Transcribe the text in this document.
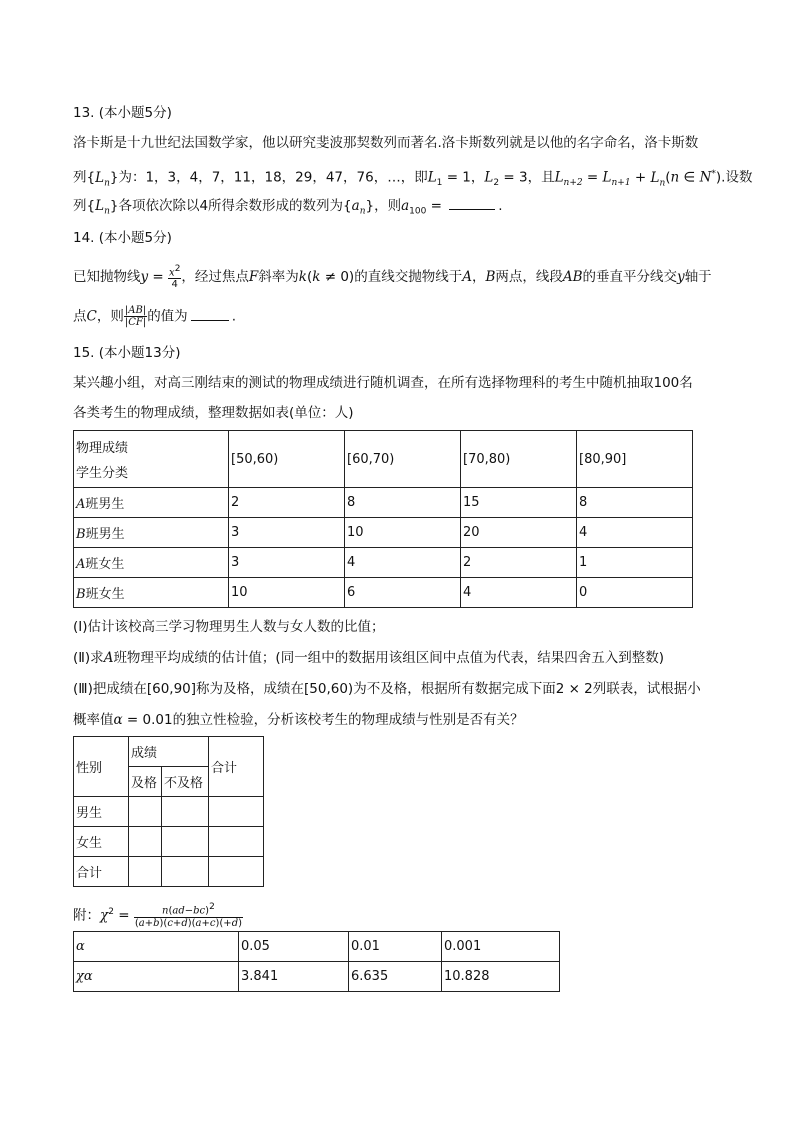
13. (本小题5分)
洛卡斯是十九世纪法国数学家，他以研究斐波那契数列而著名.洛卡斯数列就是以他的名字命名，洛卡斯数
列$\{L_n\}$为：1，3，4，7，11，18，29，47，76，…，即$L_1 = 1$，$L_2 = 3$，且$L_{n+2} = L_{n+1} + L_n(n$ ∈ N*).设数
列$\{L_n\}$各项依次除以4所得余数形成的数列为$\{a_n\}$，则$a_{100}$ =	.
14. (本小题5分)
已知抛物线$y = \frac{x^2}{4}$ ，经过焦点F斜率为k(k ≠ 0)的直线交抛物线于A，B两点，线段AB的垂直平分线交y轴于
点C，则 $\frac{|AB|}{|CF|}$ 的值为	.
15. (本小题13分)
某兴趣小组，对高三刚结束的测试的物理成绩进行随机调查，在所有选择物理科的考生中随机抽取100名
各类考生的物理成绩，整理数据如表(单位：人)
物理成绩
学生分类	[50,60)	[60,70)	[70,80)	[80,90]
A班男生	2	8	15	8
B班男生	3	10	20	4
A班女生	3	4	2	1
B班女生	10	6	4	0
(Ⅰ)估计该校高三学习物理男生人数与女人数的比值；
(Ⅱ)求A班物理平均成绩的估计值；(同一组中的数据用该组区间中点值为代表，结果四舍五入到整数)
(Ⅲ)把成绩在[60,90]称为及格，成绩在[50,60)为不及格，根据所有数据完成下面2 × 2列联表，试根据小
概率值α = 0.01的独立性检验，分析该校考生的物理成绩与性别是否有关？
性别	成绩		合计
	及格	不及格	
男生			
女生			
合计			
附：$\chi^2 = \frac{n(ad-bc)^2}{(a+b)(c+d)(a+c)(+d)}$
α	0.05	0.01	0.001
χα	3.841	6.635	10.828
